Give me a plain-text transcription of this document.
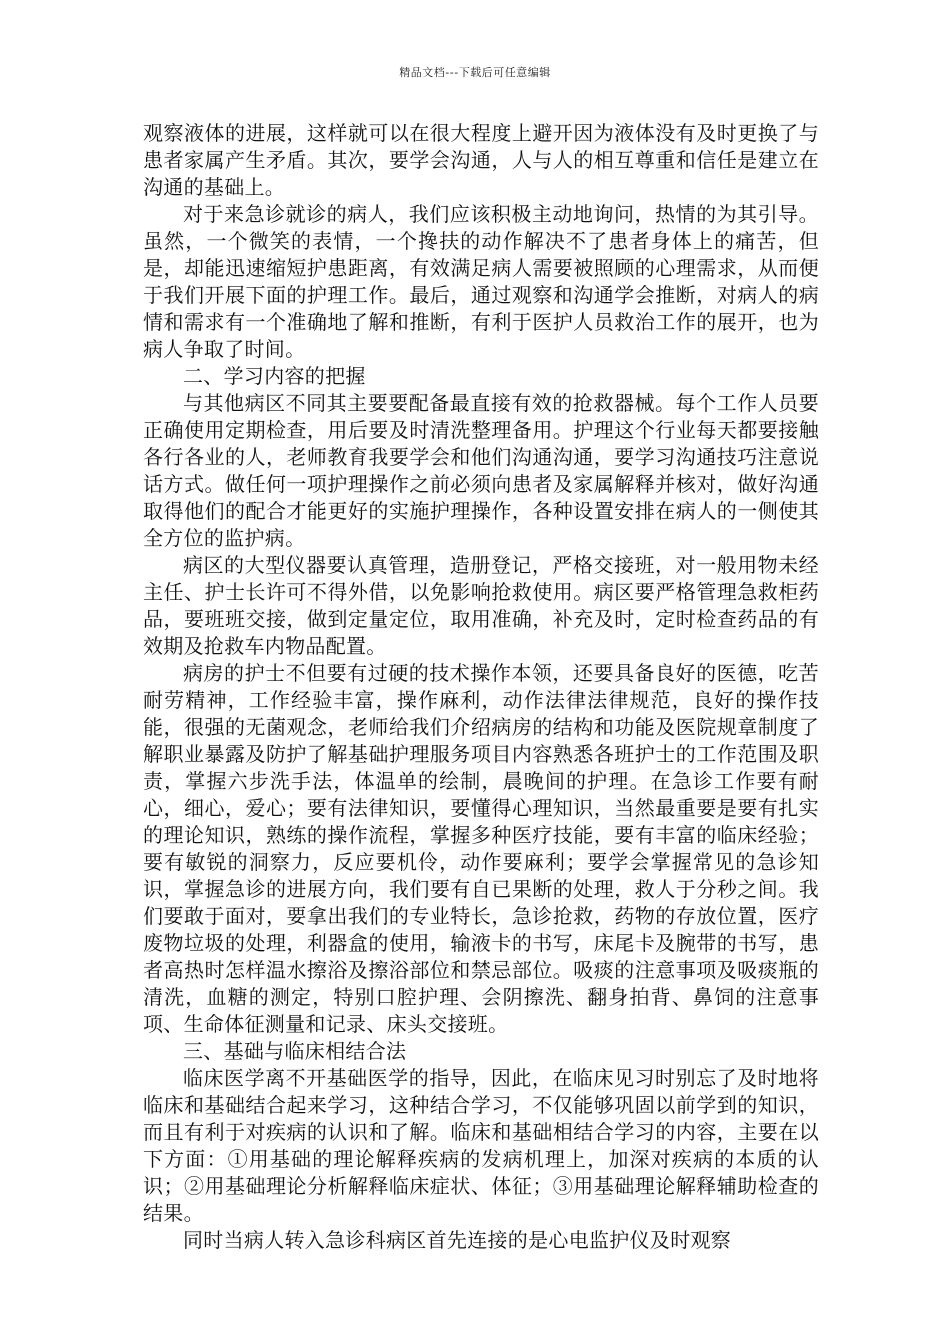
精品文档---下载后可任意编辑

观察液体的进展，这样就可以在很大程度上避开因为液体没有及时更换了与患者家属产生矛盾。其次，要学会沟通，人与人的相互尊重和信任是建立在沟通的基础上。

对于来急诊就诊的病人，我们应该积极主动地询问，热情的为其引导。虽然，一个微笑的表情，一个搀扶的动作解决不了患者身体上的痛苦，但是，却能迅速缩短护患距离，有效满足病人需要被照顾的心理需求，从而便于我们开展下面的护理工作。最后，通过观察和沟通学会推断，对病人的病情和需求有一个准确地了解和推断，有利于医护人员救治工作的展开，也为病人争取了时间。

二、学习内容的把握

与其他病区不同其主要要配备最直接有效的抢救器械。每个工作人员要正确使用定期检查，用后要及时清洗整理备用。护理这个行业每天都要接触各行各业的人，老师教育我要学会和他们沟通沟通，要学习沟通技巧注意说话方式。做任何一项护理操作之前必须向患者及家属解释并核对，做好沟通取得他们的配合才能更好的实施护理操作，各种设置安排在病人的一侧使其全方位的监护病。

病区的大型仪器要认真管理，造册登记，严格交接班，对一般用物未经主任、护士长许可不得外借，以免影响抢救使用。病区要严格管理急救柜药品，要班班交接，做到定量定位，取用准确，补充及时，定时检查药品的有效期及抢救车内物品配置。

病房的护士不但要有过硬的技术操作本领，还要具备良好的医德，吃苦耐劳精神，工作经验丰富，操作麻利，动作法律法律规范，良好的操作技能，很强的无菌观念，老师给我们介绍病房的结构和功能及医院规章制度了解职业暴露及防护了解基础护理服务项目内容熟悉各班护士的工作范围及职责，掌握六步洗手法，体温单的绘制，晨晚间的护理。在急诊工作要有耐心，细心，爱心；要有法律知识，要懂得心理知识，当然最重要是要有扎实的理论知识，熟练的操作流程，掌握多种医疗技能，要有丰富的临床经验；要有敏锐的洞察力，反应要机伶，动作要麻利；要学会掌握常见的急诊知识，掌握急诊的进展方向，我们要有自已果断的处理，救人于分秒之间。我们要敢于面对，要拿出我们的专业特长，急诊抢救，药物的存放位置，医疗废物垃圾的处理，利器盒的使用，输液卡的书写，床尾卡及腕带的书写，患者高热时怎样温水擦浴及擦浴部位和禁忌部位。吸痰的注意事项及吸痰瓶的清洗，血糖的测定，特别口腔护理、会阴擦洗、翻身拍背、鼻饲的注意事项、生命体征测量和记录、床头交接班。

三、基础与临床相结合法

临床医学离不开基础医学的指导，因此，在临床见习时别忘了及时地将临床和基础结合起来学习，这种结合学习，不仅能够巩固以前学到的知识，而且有利于对疾病的认识和了解。临床和基础相结合学习的内容，主要在以下方面：①用基础的理论解释疾病的发病机理上，加深对疾病的本质的认识；②用基础理论分析解释临床症状、体征；③用基础理论解释辅助检查的结果。

同时当病人转入急诊科病区首先连接的是心电监护仪及时观察
